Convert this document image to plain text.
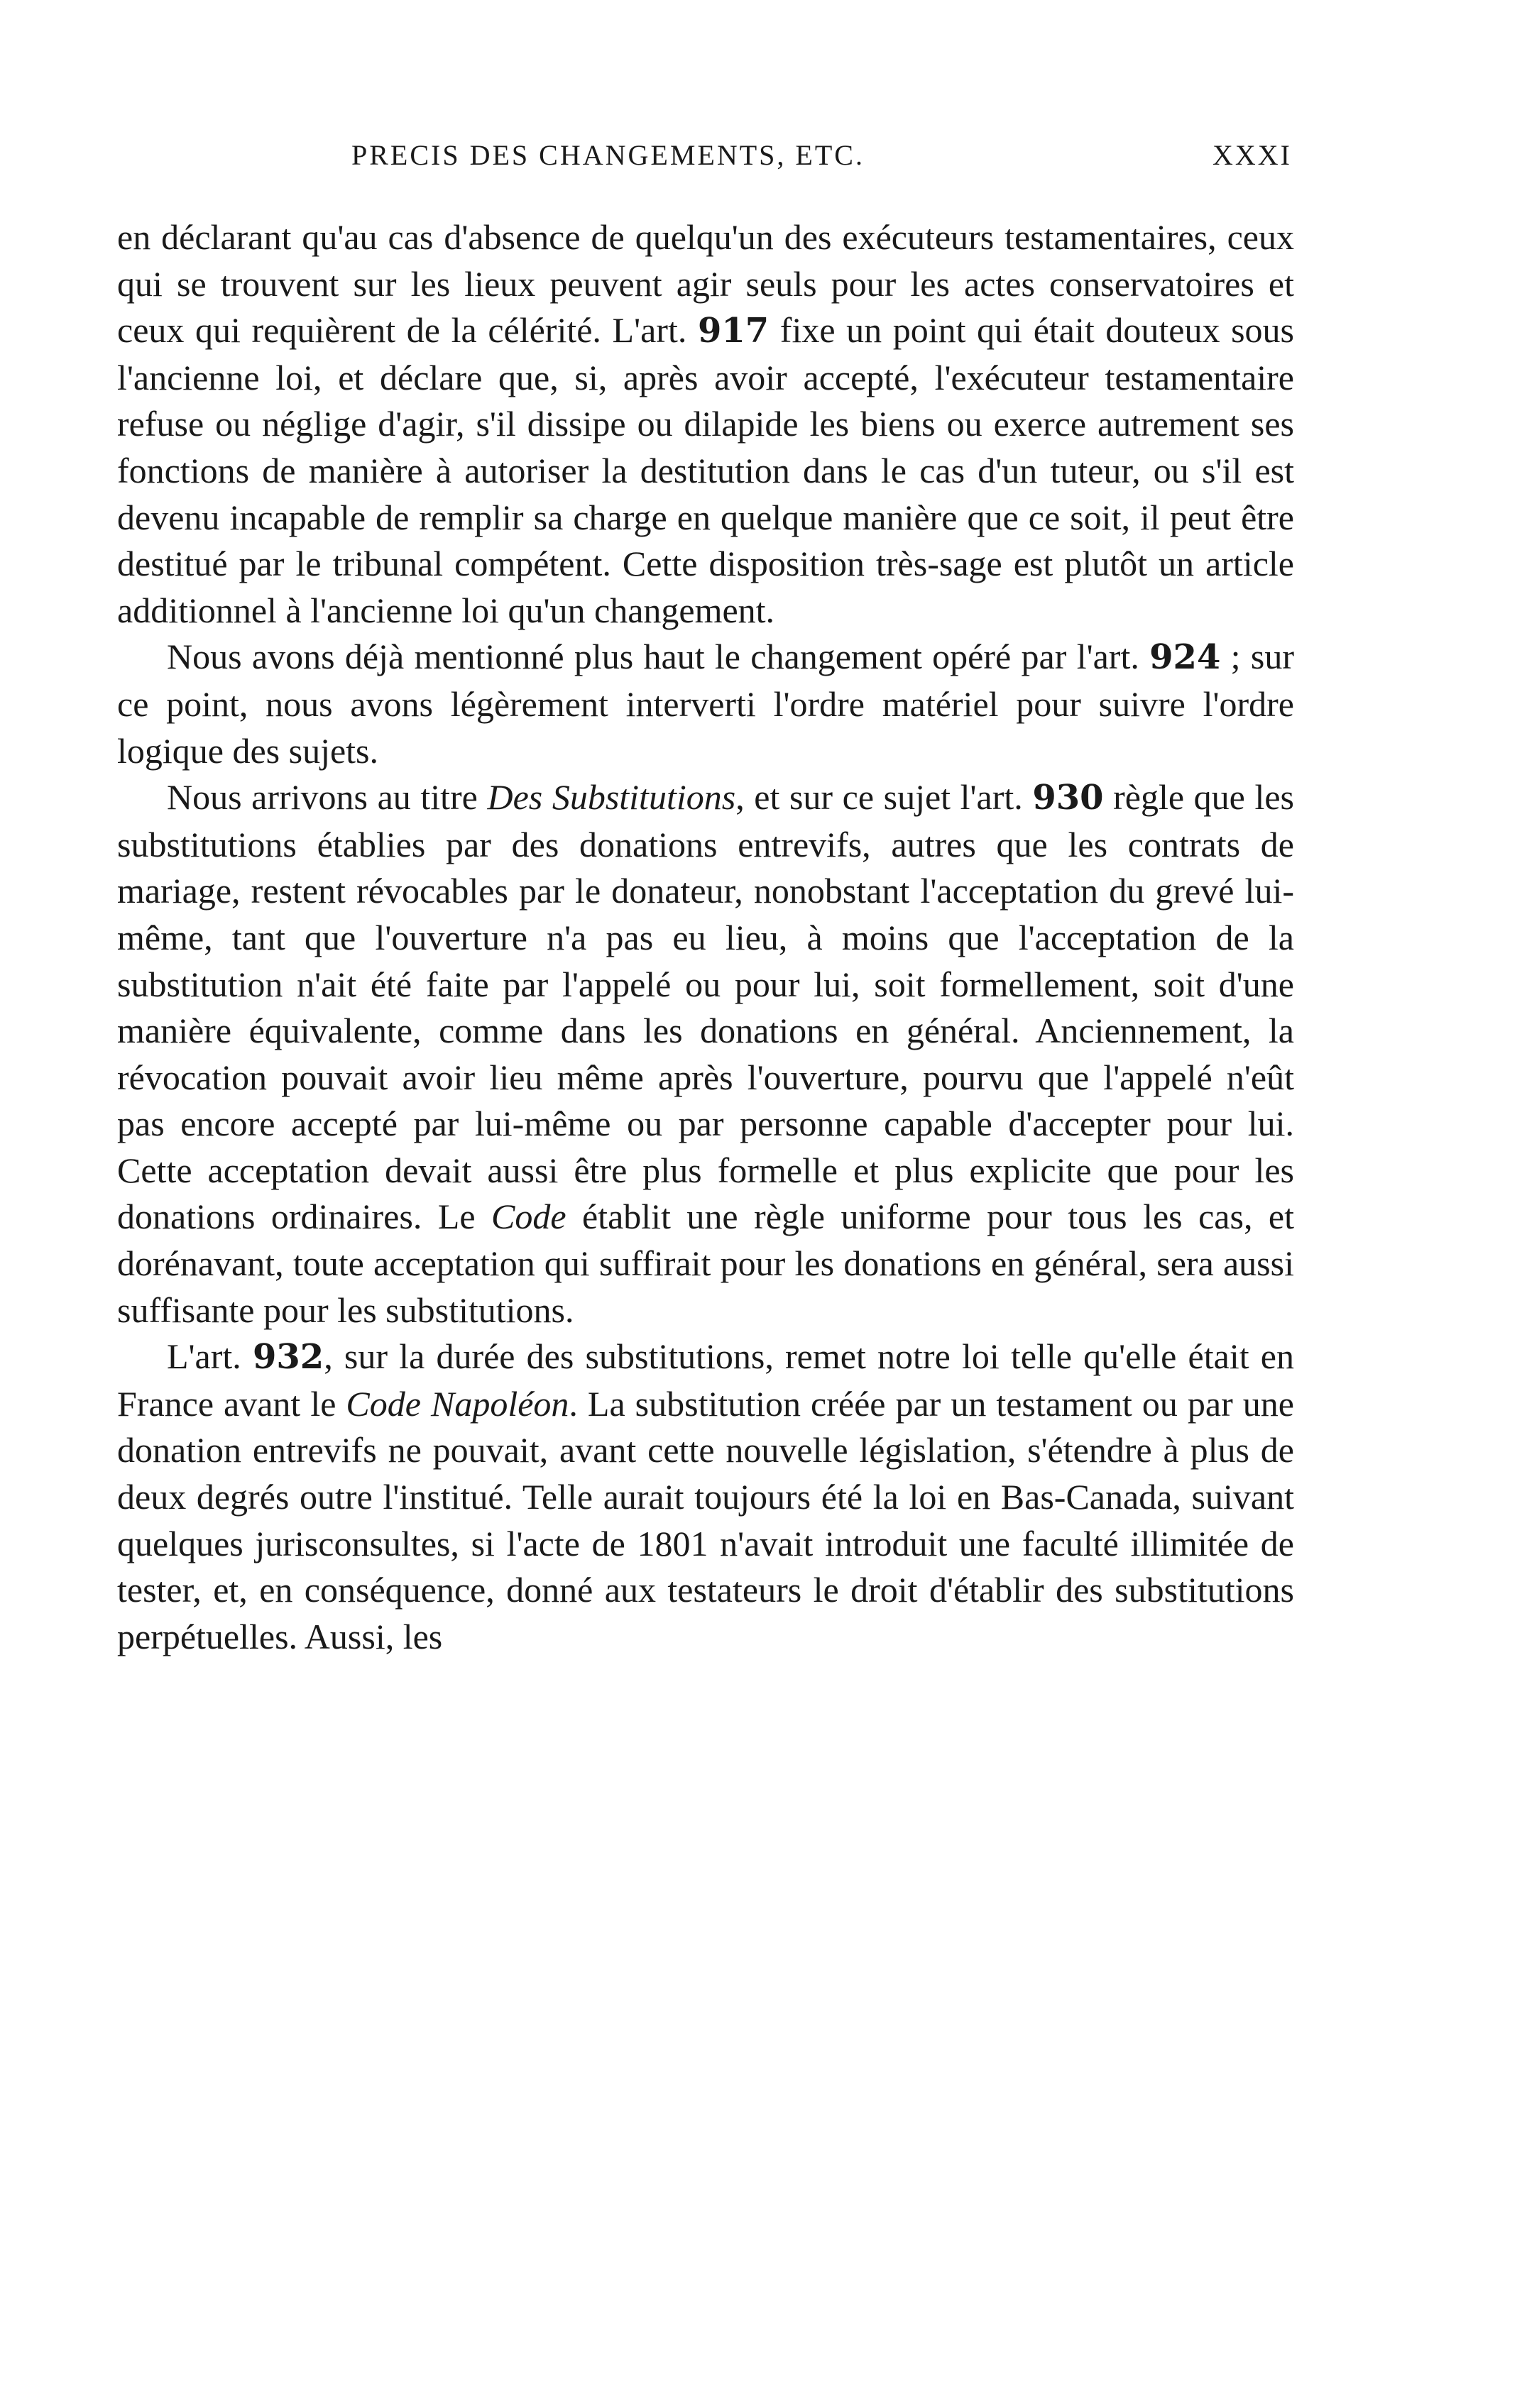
PRECIS DES CHANGEMENTS, ETC.	XXXI

en déclarant qu'au cas d'absence de quelqu'un des exécuteurs testamentaires, ceux qui se trouvent sur les lieux peuvent agir seuls pour les actes conservatoires et ceux qui requièrent de la célérité. L'art. 917 fixe un point qui était douteux sous l'ancienne loi, et déclare que, si, après avoir accepté, l'exécuteur testamentaire refuse ou néglige d'agir, s'il dissipe ou dilapide les biens ou exerce autrement ses fonctions de manière à autoriser la destitution dans le cas d'un tuteur, ou s'il est devenu incapable de remplir sa charge en quelque manière que ce soit, il peut être destitué par le tribunal compétent. Cette disposition très-sage est plutôt un article additionnel à l'ancienne loi qu'un changement.

Nous avons déjà mentionné plus haut le changement opéré par l'art. 924 ; sur ce point, nous avons légèrement interverti l'ordre matériel pour suivre l'ordre logique des sujets.

Nous arrivons au titre Des Substitutions, et sur ce sujet l'art. 930 règle que les substitutions établies par des donations entrevifs, autres que les contrats de mariage, restent révocables par le donateur, nonobstant l'acceptation du grevé lui-même, tant que l'ouverture n'a pas eu lieu, à moins que l'acceptation de la substitution n'ait été faite par l'appelé ou pour lui, soit formellement, soit d'une manière équivalente, comme dans les donations en général. Anciennement, la révocation pouvait avoir lieu même après l'ouverture, pourvu que l'appelé n'eût pas encore accepté par lui-même ou par personne capable d'accepter pour lui. Cette acceptation devait aussi être plus formelle et plus explicite que pour les donations ordinaires. Le Code établit une règle uniforme pour tous les cas, et dorénavant, toute acceptation qui suffirait pour les donations en général, sera aussi suffisante pour les substitutions.

L'art. 932, sur la durée des substitutions, remet notre loi telle qu'elle était en France avant le Code Napoléon. La substitution créée par un testament ou par une donation entrevifs ne pouvait, avant cette nouvelle législation, s'étendre à plus de deux degrés outre l'institué. Telle aurait toujours été la loi en Bas-Canada, suivant quelques jurisconsultes, si l'acte de 1801 n'avait introduit une faculté illimitée de tester, et, en conséquence, donné aux testateurs le droit d'établir des substitutions perpétuelles. Aussi, les
